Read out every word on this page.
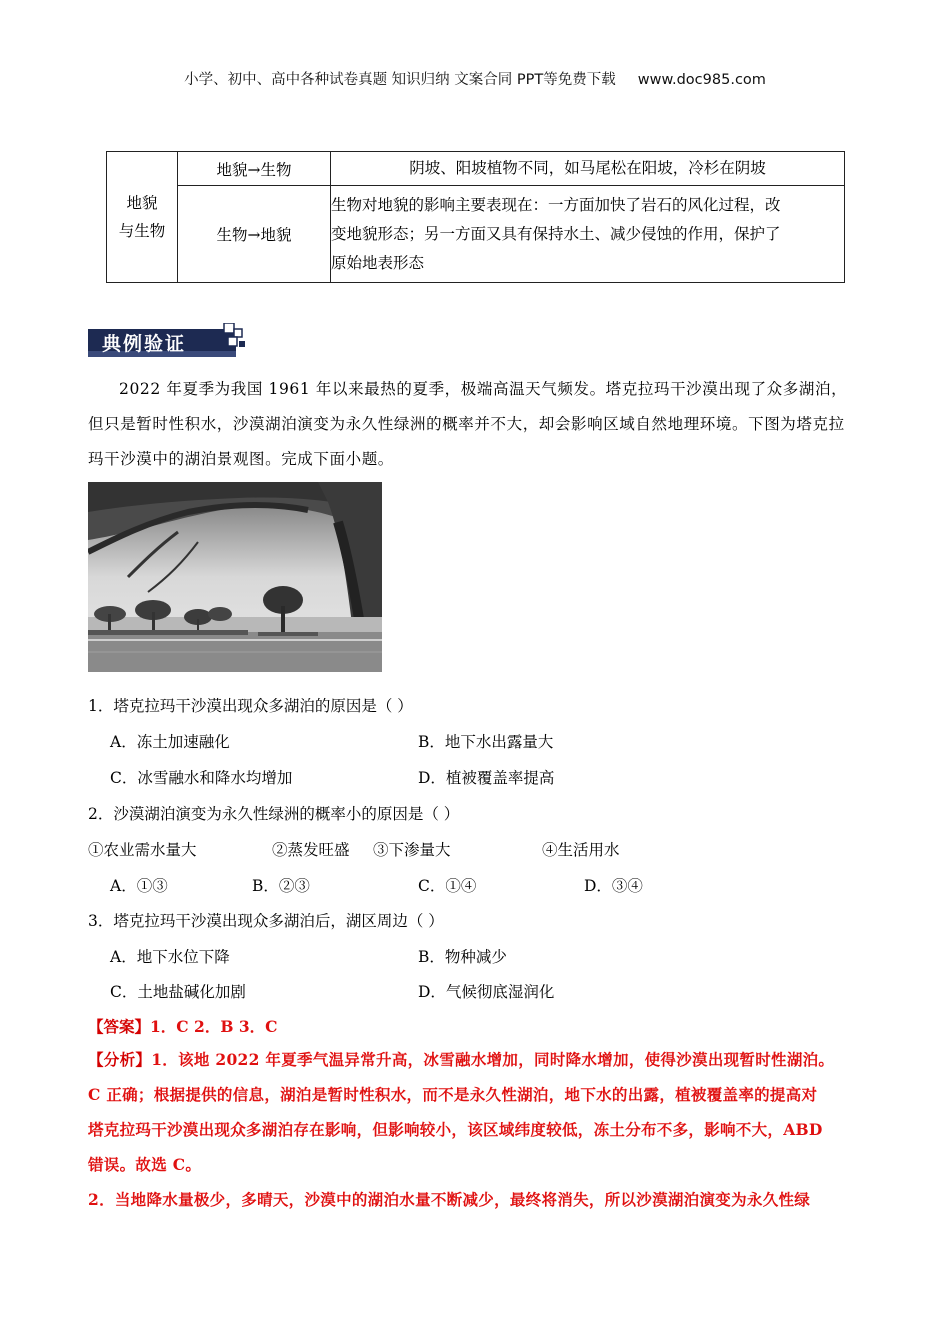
小学、初中、高中各种试卷真题 知识归纳 文案合同 PPT等免费下载 www.doc985.com
地貌
与生物	地貌→生物	阴坡、阳坡植物不同，如马尾松在阳坡，冷杉在阴坡
	生物→地貌	生物对地貌的影响主要表现在：一方面加快了岩石的风化过程，改
变地貌形态；另一方面又具有保持水土、减少侵蚀的作用，保护了
原始地表形态
典例验证
2022 年夏季为我国 1961 年以来最热的夏季，极端高温天气频发。塔克拉玛干沙漠出现了众多湖泊，但只是暂时性积水，沙漠湖泊演变为永久性绿洲的概率并不大，却会影响区域自然地理环境。下图为塔克拉玛干沙漠中的湖泊景观图。完成下面小题。
1．塔克拉玛干沙漠出现众多湖泊的原因是（ ）
A．冻土加速融化	B．地下水出露量大
C．冰雪融水和降水均增加	D．植被覆盖率提高
2．沙漠湖泊演变为永久性绿洲的概率小的原因是（ ）
①农业需水量大	②蒸发旺盛 ③下渗量大	④生活用水
A．①③	B．②③	C．①④	D．③④
3．塔克拉玛干沙漠出现众多湖泊后，湖区周边（ ）
A．地下水位下降	B．物种减少
C．土地盐碱化加剧	D．气候彻底湿润化
【答案】1．C 2．B 3．C
【分析】1．该地 2022 年夏季气温异常升高，冰雪融水增加，同时降水增加，使得沙漠出现暂时性湖泊。
C 正确；根据提供的信息，湖泊是暂时性积水，而不是永久性湖泊，地下水的出露，植被覆盖率的提高对
塔克拉玛干沙漠出现众多湖泊存在影响，但影响较小，该区域纬度较低，冻土分布不多，影响不大，ABD
错误。故选 C。
2．当地降水量极少，多晴天，沙漠中的湖泊水量不断减少，最终将消失，所以沙漠湖泊演变为永久性绿
